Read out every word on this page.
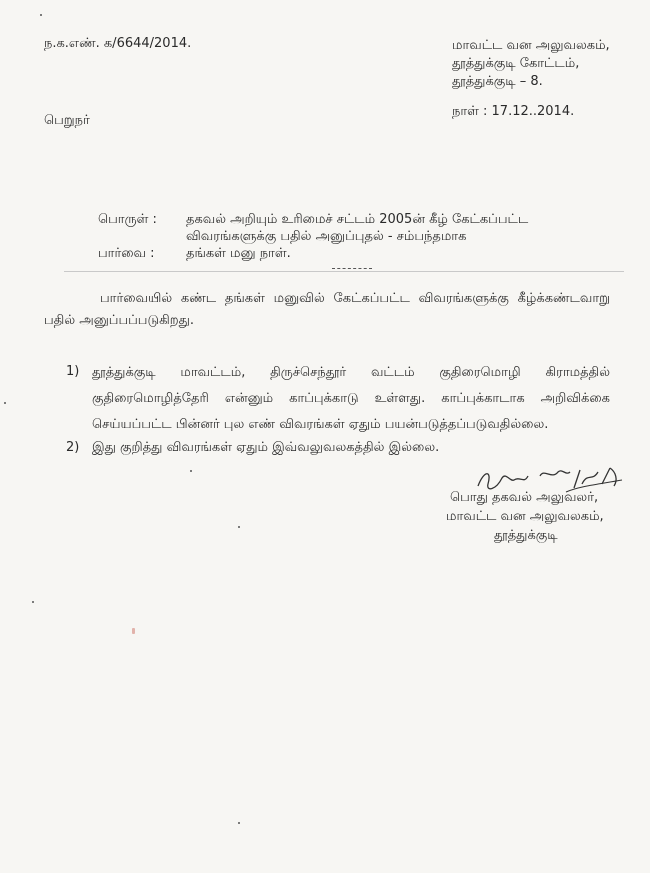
ந.க.எண். க/6644/2014.	மாவட்ட வன அலுவலகம்,
தூத்துக்குடி கோட்டம்,
தூத்துக்குடி – 8.
நாள் : 17.12..2014.
பெறுநர்
பொருள் : தகவல் அறியும் உரிமைச் சட்டம் 2005ன் கீழ் கேட்கப்பட்ட
விவரங்களுக்கு பதில் அனுப்புதல் - சம்பந்தமாக
பார்வை : தங்கள் மனு நாள்.
பார்வையில் கண்ட தங்கள் மனுவில் கேட்கப்பட்ட விவரங்களுக்கு கீழ்க்கண்டவாறு பதில் அனுப்பப்படுகிறது.
1) தூத்துக்குடி மாவட்டம், திருச்செந்தூர் வட்டம் குதிரைமொழி கிராமத்தில் குதிரைமொழித்தேரி என்னும் காப்புக்காடு உள்ளது. காப்புக்காடாக அறிவிக்கை செய்யப்பட்ட பின்னர் புல எண் விவரங்கள் ஏதும் பயன்படுத்தப்படுவதில்லை.
2) இது குறித்து விவரங்கள் ஏதும் இவ்வலுவலகத்தில் இல்லை.
பொது தகவல் அலுவலர்,
மாவட்ட வன அலுவலகம்,
தூத்துக்குடி
